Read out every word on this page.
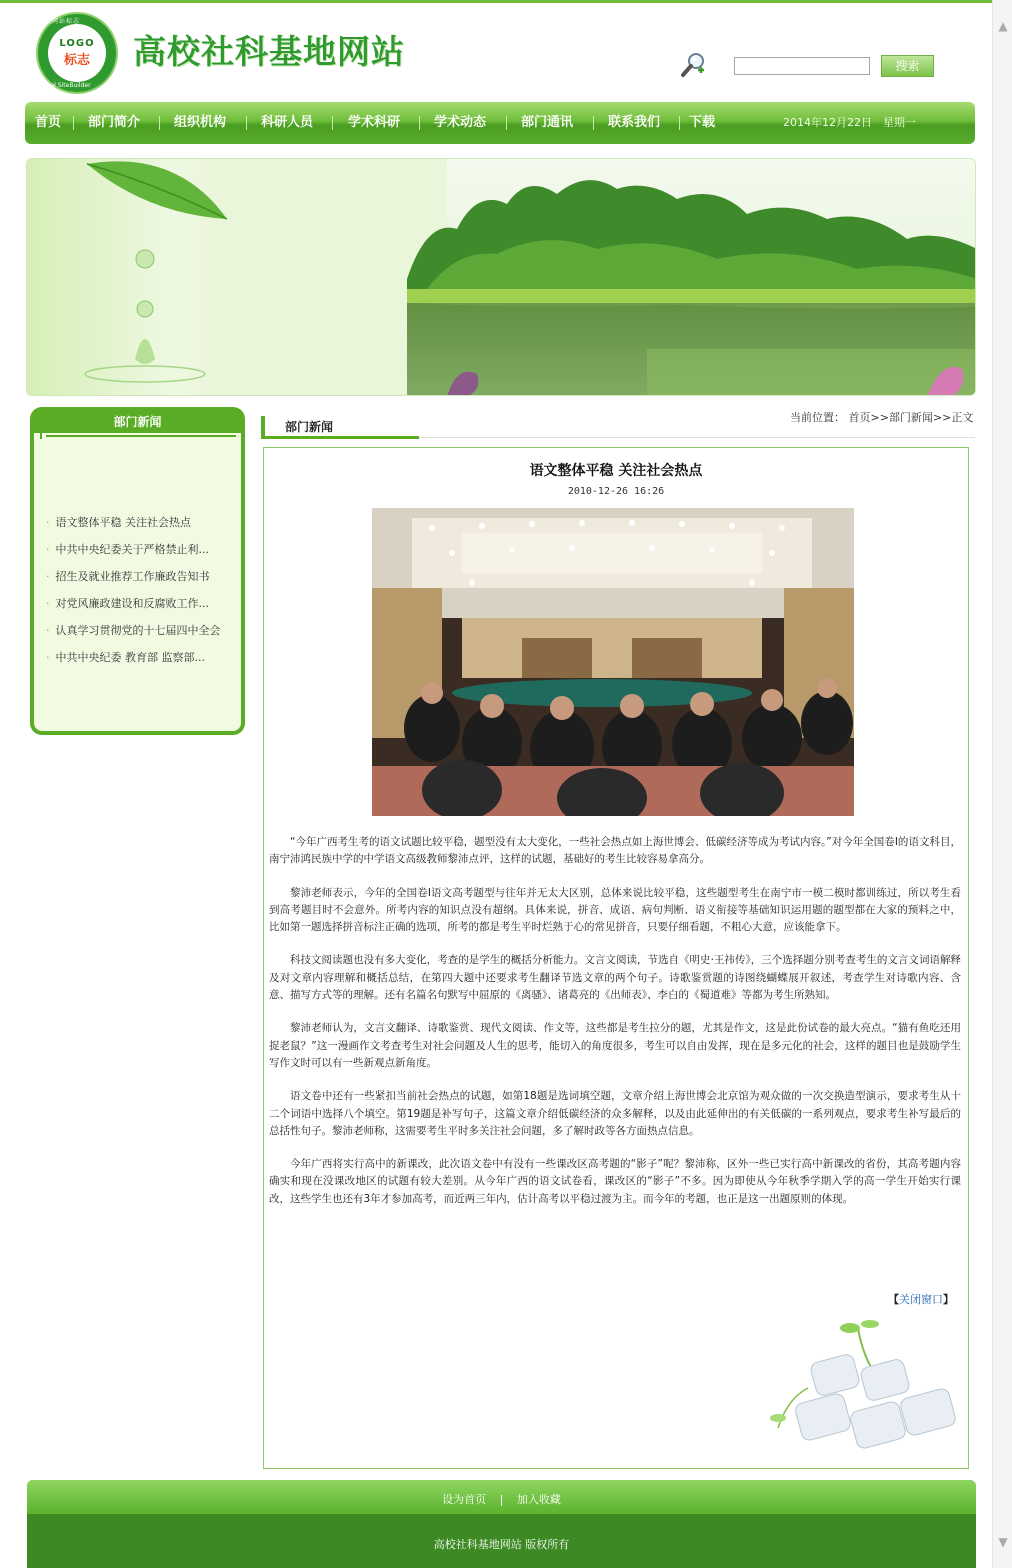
高校网站标志
LOGO
标志
Visual SiteBuilder
高校社科基地网站	搜索
首页 部门简介	组织机构	科研人员	学术科研	学术动态	部门通讯	联系我们 下载	2014年12月22日　星期一
部门新闻
· 语文整体平稳 关注社会热点
· 中共中央纪委关于严格禁止利...
· 招生及就业推荐工作廉政告知书
· 对党风廉政建设和反腐败工作...
· 认真学习贯彻党的十七届四中全会
· 中共中央纪委 教育部 监察部...
部门新闻
当前位置： 首页>>部门新闻>>正文
语文整体平稳 关注社会热点
2010-12-26 16:26

“今年广西考生考的语文试题比较平稳，题型没有太大变化，一些社会热点如上海世博会、低碳经济等成为考试内容。”对今年全国卷Ⅰ的语文科目，南宁沛鸿民族中学的中学语文高级教师黎沛点评，这样的试题，基础好的考生比较容易拿高分。

黎沛老师表示，今年的全国卷Ⅰ语文高考题型与往年并无太大区别，总体来说比较平稳，这些题型考生在南宁市一模二模时都训练过，所以考生看到高考题目时不会意外。所考内容的知识点没有超纲。具体来说，拼音、成语、病句判断、语义衔接等基础知识运用题的题型都在大家的预料之中，比如第一题选择拼音标注正确的选项，所考的都是考生平时烂熟于心的常见拼音，只要仔细看题，不粗心大意，应该能拿下。

科技文阅读题也没有多大变化，考查的是学生的概括分析能力。文言文阅读，节选自《明史·王祎传》，三个选择题分别考查考生的文言文词语解释及对文章内容理解和概括总结，在第四大题中还要求考生翻译节选文章的两个句子。诗歌鉴赏题的诗图绕蝴蝶展开叙述，考查学生对诗歌内容、含意、描写方式等的理解。还有名篇名句默写中屈原的《离骚》、诸葛亮的《出师表》、李白的《蜀道难》等都为考生所熟知。

黎沛老师认为，文言文翻译、诗歌鉴赏、现代文阅读、作文等，这些都是考生拉分的题，尤其是作文，这是此份试卷的最大亮点。“猫有鱼吃还用捉老鼠？”这一漫画作文考查考生对社会问题及人生的思考，能切入的角度很多，考生可以自由发挥，现在是多元化的社会，这样的题目也是鼓励学生写作文时可以有一些新观点新角度。

语文卷中还有一些紧扣当前社会热点的试题，如第18题是选词填空题，文章介绍上海世博会北京馆为观众做的一次交换造型演示，要求考生从十二个词语中选择八个填空。第19题是补写句子，这篇文章介绍低碳经济的众多解释，以及由此延伸出的有关低碳的一系列观点，要求考生补写最后的总括性句子。黎沛老师称，这需要考生平时多关注社会问题，多了解时政等各方面热点信息。

今年广西将实行高中的新课改，此次语文卷中有没有一些课改区高考题的“影子”呢？黎沛称，区外一些已实行高中新课改的省份，其高考题内容确实和现在没课改地区的试题有较大差别。从今年广西的语文试卷看，课改区的“影子”不多。因为即使从今年秋季学期入学的高一学生开始实行课改，这些学生也还有3年才参加高考，而近两三年内，估计高考以平稳过渡为主。而今年的考题，也正是这一出题原则的体现。

【关闭窗口】
设为首页 | 加入收藏
高校社科基地网站 版权所有
▲
▼
